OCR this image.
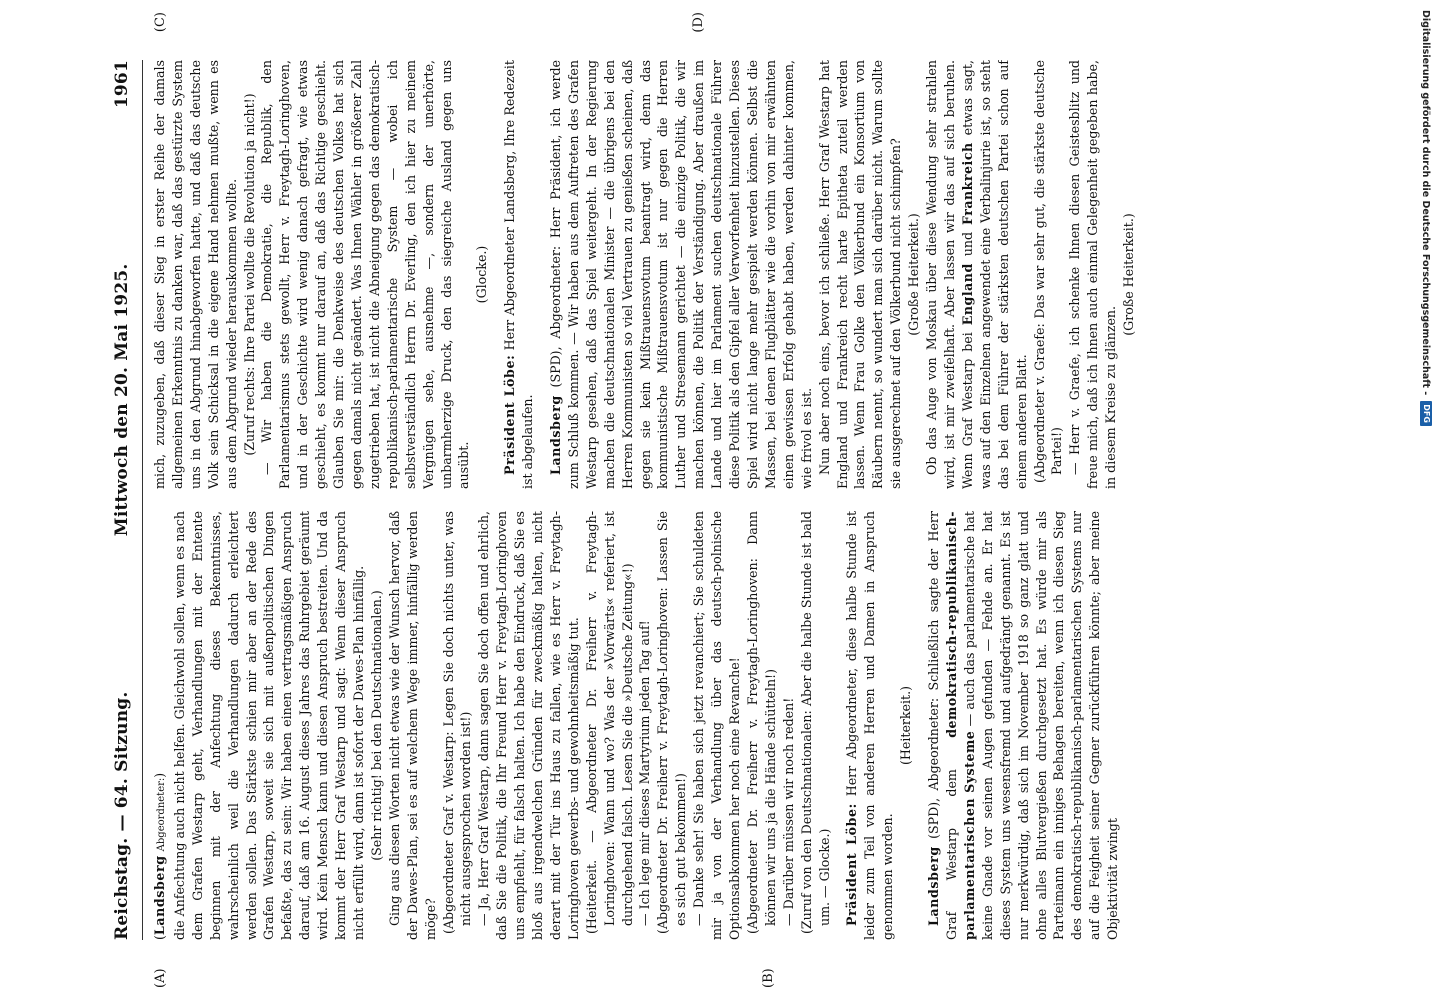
Reichstag. — 64. Sitzung.
Mittwoch den 20. Mai 1925.
1961
(A)	(B)
(C)	(D)

(Landsberg Abgeordneter:) die Anfechtung auch nicht helfen. Gleichwohl sollen, wenn es nach dem Grafen Westarp geht, Verhandlungen mit der Entente beginnen mit der Anfechtung dieses Bekenntnisses, wahrscheinlich weil die Verhandlungen dadurch erleichtert werden sollen. Das Stärkste schien mir aber an der Rede des Grafen Westarp, soweit sie sich mit außenpolitischen Dingen befaßte, das zu sein: Wir haben einen vertragsmäßigen Anspruch darauf, daß am 16. August dieses Jahres das Ruhrgebiet geräumt wird. Kein Mensch kann und diesen Anspruch bestreiten. Und da kommt der Herr Graf Westarp und sagt: Wenn dieser Anspruch nicht erfüllt wird, dann ist sofort der Dawes-Plan hinfällig. (Sehr richtig! bei den Deutschnationalen.) Ging aus diesen Worten nicht etwas wie der Wunsch hervor, daß der Dawes-Plan, sei es auf welchem Wege immer, hinfällig werden möge? (Abgeordneter Graf v. Westarp: Legen Sie doch nichts unter, was nicht ausgesprochen worden ist!) — Ja, Herr Graf Westarp, dann sagen Sie doch offen und ehrlich, daß Sie die Politik, die Ihr Freund Herr v. Freytagh-Loringhoven uns empfiehlt, für falsch halten. Ich habe den Eindruck, daß Sie es bloß aus irgendwelchen Gründen für zweckmäßig halten, nicht derart mit der Tür ins Haus zu fallen, wie es Herr v. Freytagh-Loringhoven gewerbs- und gewohnheitsmäßig tut. (Heiterkeit. — Abgeordneter Dr. Freiherr v. Freytagh-Loringhoven: Wann und wo? Was der »Vorwärts« referiert, ist durchgehend falsch. Lesen Sie die »Deutsche Zeitung«!) — Ich lege mir dieses Martyrium jeden Tag auf! (Abgeordneter Dr. Freiherr v. Freytagh-Loringhoven: Lassen Sie es sich gut bekommen!) — Danke sehr! Sie haben sich jetzt revanchiert; Sie schuldeten mir ja von der Verhandlung über das deutsch-polnische Optionsabkommen her noch eine Revanche! (Abgeordneter Dr. Freiherr v. Freytagh-Loringhoven: Dann können wir uns ja die Hände schütteln!) — Darüber müssen wir noch reden! (Zuruf von den Deutschnationalen: Aber die halbe Stunde ist bald um. — Glocke.) Präsident Löbe: Herr Abgeordneter, diese halbe Stunde ist leider zum Teil von anderen Herren und Damen in Anspruch genommen worden.

(Heiterkeit.)

Landsberg (SPD), Abgeordneter: Schließlich sagte der Herr Graf Westarp dem demokratisch-republikanisch-parlamentarischen Systeme — auch das parlamentarische hat keine Gnade vor seinen Augen gefunden — Fehde an. Er hat dieses System uns wesensfremd und aufgedrängt genannt. Es ist nur merkwürdig, daß sich im November 1918 so ganz glatt und ohne alles Blutvergießen durchgesetzt hat. Es würde mir als Parteimann ein inniges Behagen bereiten, wenn ich diesen Sieg des demokratisch-republikanisch-parlamentarischen Systems nur auf die Feigheit seiner Gegner zurückführen könnte; aber meine Objektivität zwingt

mich, zuzugeben, daß dieser Sieg in erster Reihe der damals allgemeinen Erkenntnis zu danken war, daß das gestürzte System uns in den Abgrund hinabgeworfen hatte, und daß das deutsche Volk sein Schicksal in die eigene Hand nehmen mußte, wenn es aus dem Abgrund wieder herauskommen wollte. (Zuruf rechts: Ihre Partei wollte die Revolution ja nicht!) — Wir haben die Demokratie, die Republik, den Parlamentarismus stets gewollt, Herr v. Freytagh-Loringhoven, und in der Geschichte wird wenig danach gefragt, wie etwas geschieht, es kommt nur darauf an, daß das Richtige geschieht. Glauben Sie mir: die Denkweise des deutschen Volkes hat sich gegen damals nicht geändert. Was Ihnen Wähler in größerer Zahl zugetrieben hat, ist nicht die Abneigung gegen das demokratisch-republikanisch-parlamentarische System — wobei ich selbstverständlich Herrn Dr. Everling, den ich hier zu meinem Vergnügen sehe, ausnehme —, sondern der unerhörte, unbarmherzige Druck, den das siegreiche Ausland gegen uns ausübt.

(Glocke.)

Präsident Löbe: Herr Abgeordneter Landsberg, Ihre Redezeit ist abgelaufen. Landsberg (SPD), Abgeordneter: Herr Präsident, ich werde zum Schluß kommen. — Wir haben aus dem Auftreten des Grafen Westarp gesehen, daß das Spiel weitergeht. In der Regierung machen die deutschnationalen Minister — die übrigens bei den Herren Kommunisten so viel Vertrauen zu genießen scheinen, daß gegen sie kein Mißtrauensvotum beantragt wird, denn das kommunistische Mißtrauensvotum ist nur gegen die Herren Luther und Stresemann gerichtet — die einzige Politik, die wir machen können, die Politik der Verständigung. Aber draußen im Lande und hier im Parlament suchen deutschnationale Führer diese Politik als den Gipfel aller Verworfenheit hinzustellen. Dieses Spiel wird nicht lange mehr gespielt werden können. Selbst die Massen, bei denen Flugblätter wie die vorhin von mir erwähnten einen gewissen Erfolg gehabt haben, werden dahinter kommen, wie frivol es ist. Nun aber noch eins, bevor ich schließe. Herr Graf Westarp hat England und Frankreich recht harte Epitheta zuteil werden lassen. Wenn Frau Golke den Völkerbund ein Konsortium von Räubern nennt, so wundert man sich darüber nicht. Warum sollte sie ausgerechnet auf den Völkerbund nicht schimpfen? (Große Heiterkeit.) Ob das Auge von Moskau über diese Wendung sehr strahlen wird, ist mir zweifelhaft. Aber lassen wir das auf sich beruhen. Wenn Graf Westarp bei England und Frankreich etwas sagt, was auf den Einzelnen angewendet eine Verbalinjurie ist, so steht das bei dem Führer der stärksten deutschen Partei schon auf einem anderen Blatt. (Abgeordneter v. Graefe: Das war sehr gut, die stärkste deutsche Partei!) — Herr v. Graefe, ich schenke Ihnen diesen Geistesblitz und freue mich, daß ich Ihnen auch einmal Gelegenheit gegeben habe, in diesem Kreise zu glänzen.

(Große Heiterkeit.)	Digitalisierung gefördert durch die Deutsche Forschungsgemeinschaft -
DFG
